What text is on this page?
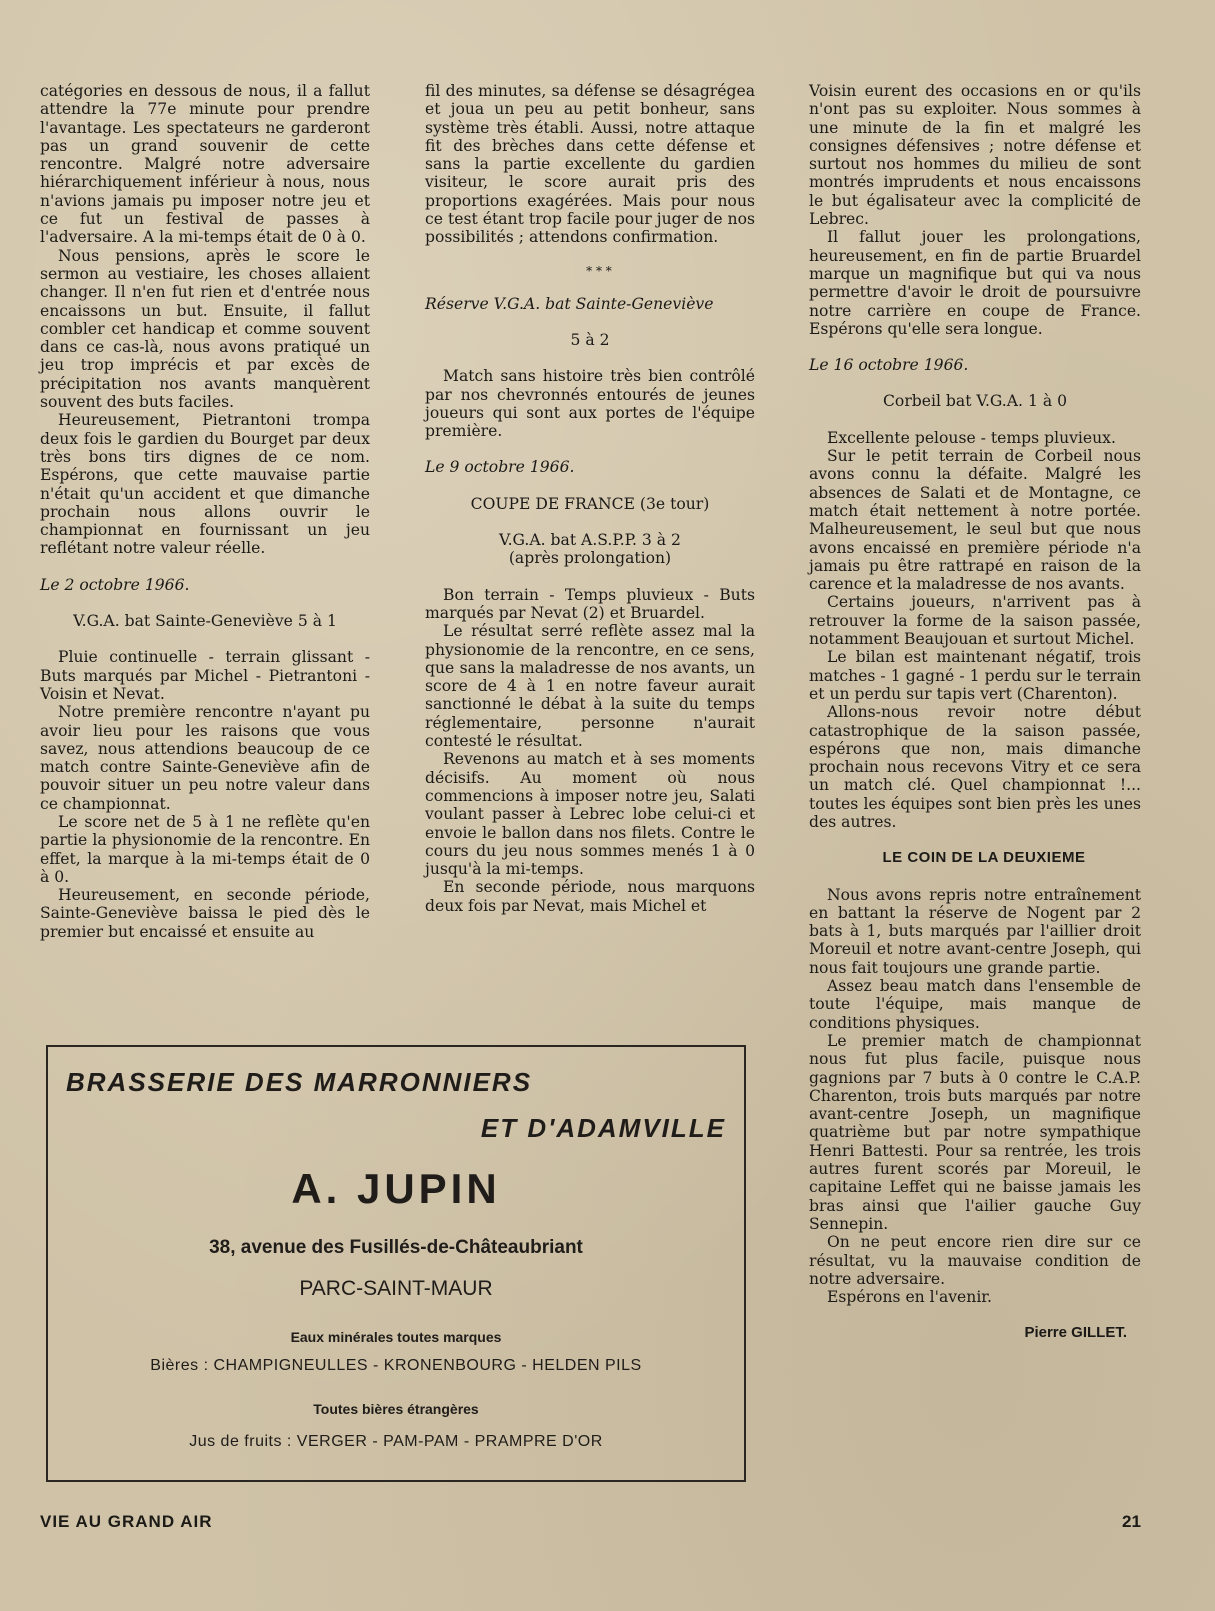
catégories en dessous de nous, il a fallut attendre la 77e minute pour prendre l'avantage. Les spectateurs ne garderont pas un grand souvenir de cette rencontre. Malgré notre adversaire hiérarchiquement inférieur à nous, nous n'avions jamais pu imposer notre jeu et ce fut un festival de passes à l'adversaire. A la mi-temps était de 0 à 0.

Nous pensions, après le score le sermon au vestiaire, les choses allaient changer. Il n'en fut rien et d'entrée nous encaissons un but. Ensuite, il fallut combler cet handicap et comme souvent dans ce cas-là, nous avons pratiqué un jeu trop imprécis et par excès de précipitation nos avants manquèrent souvent des buts faciles.

Heureusement, Pietrantoni trompa deux fois le gardien du Bourget par deux très bons tirs dignes de ce nom. Espérons, que cette mauvaise partie n'était qu'un accident et que dimanche prochain nous allons ouvrir le championnat en fournissant un jeu reflétant notre valeur réelle.

Le 2 octobre 1966.

V.G.A. bat Sainte-Geneviève 5 à 1

Pluie continuelle - terrain glissant - Buts marqués par Michel - Pietrantoni - Voisin et Nevat.

Notre première rencontre n'ayant pu avoir lieu pour les raisons que vous savez, nous attendions beaucoup de ce match contre Sainte-Geneviève afin de pouvoir situer un peu notre valeur dans ce championnat.

Le score net de 5 à 1 ne reflète qu'en partie la physionomie de la rencontre. En effet, la marque à la mi-temps était de 0 à 0.

Heureusement, en seconde période, Sainte-Geneviève baissa le pied dès le premier but encaissé et ensuite au

fil des minutes, sa défense se désagrégea et joua un peu au petit bonheur, sans système très établi. Aussi, notre attaque fit des brèches dans cette défense et sans la partie excellente du gardien visiteur, le score aurait pris des proportions exagérées. Mais pour nous ce test étant trop facile pour juger de nos possibilités ; attendons confirmation.

* * *

Réserve V.G.A. bat Sainte-Geneviève

5 à 2

Match sans histoire très bien contrôlé par nos chevronnés entourés de jeunes joueurs qui sont aux portes de l'équipe première.

Le 9 octobre 1966.

COUPE DE FRANCE (3e tour)

V.G.A. bat A.S.P.P. 3 à 2

(après prolongation)

Bon terrain - Temps pluvieux - Buts marqués par Nevat (2) et Bruardel.

Le résultat serré reflète assez mal la physionomie de la rencontre, en ce sens, que sans la maladresse de nos avants, un score de 4 à 1 en notre faveur aurait sanctionné le débat à la suite du temps réglementaire, personne n'aurait contesté le résultat.

Revenons au match et à ses moments décisifs. Au moment où nous commencions à imposer notre jeu, Salati voulant passer à Lebrec lobe celui-ci et envoie le ballon dans nos filets. Contre le cours du jeu nous sommes menés 1 à 0 jusqu'à la mi-temps.

En seconde période, nous marquons deux fois par Nevat, mais Michel et

Voisin eurent des occasions en or qu'ils n'ont pas su exploiter. Nous sommes à une minute de la fin et malgré les consignes défensives ; notre défense et surtout nos hommes du milieu de sont montrés imprudents et nous encaissons le but égalisateur avec la complicité de Lebrec.

Il fallut jouer les prolongations, heureusement, en fin de partie Bruardel marque un magnifique but qui va nous permettre d'avoir le droit de poursuivre notre carrière en coupe de France. Espérons qu'elle sera longue.

Le 16 octobre 1966.

Corbeil bat V.G.A. 1 à 0

Excellente pelouse - temps pluvieux.

Sur le petit terrain de Corbeil nous avons connu la défaite. Malgré les absences de Salati et de Montagne, ce match était nettement à notre portée. Malheureusement, le seul but que nous avons encaissé en première période n'a jamais pu être rattrapé en raison de la carence et la maladresse de nos avants.

Certains joueurs, n'arrivent pas à retrouver la forme de la saison passée, notamment Beaujouan et surtout Michel.

Le bilan est maintenant négatif, trois matches - 1 gagné - 1 perdu sur le terrain et un perdu sur tapis vert (Charenton).

Allons-nous revoir notre début catastrophique de la saison passée, espérons que non, mais dimanche prochain nous recevons Vitry et ce sera un match clé. Quel championnat !... toutes les équipes sont bien près les unes des autres.

LE COIN DE LA DEUXIEME

Nous avons repris notre entraînement en battant la réserve de Nogent par 2 bats à 1, buts marqués par l'aillier droit Moreuil et notre avant-centre Joseph, qui nous fait toujours une grande partie.

Assez beau match dans l'ensemble de toute l'équipe, mais manque de conditions physiques.

Le premier match de championnat nous fut plus facile, puisque nous gagnions par 7 buts à 0 contre le C.A.P. Charenton, trois buts marqués par notre avant-centre Joseph, un magnifique quatrième but par notre sympathique Henri Battesti. Pour sa rentrée, les trois autres furent scorés par Moreuil, le capitaine Leffet qui ne baisse jamais les bras ainsi que l'ailier gauche Guy Sennepin.

On ne peut encore rien dire sur ce résultat, vu la mauvaise condition de notre adversaire.

Espérons en l'avenir.

Pierre GILLET.

BRASSERIE DES MARRONNIERS
ET D'ADAMVILLE
A. JUPIN
38, avenue des Fusillés-de-Châteaubriant
PARC-SAINT-MAUR
Eaux minérales toutes marques
Bières : CHAMPIGNEULLES - KRONENBOURG - HELDEN PILS
Toutes bières étrangères
Jus de fruits : VERGER - PAM-PAM - PRAMPRE D'OR
VIE AU GRAND AIR	21
